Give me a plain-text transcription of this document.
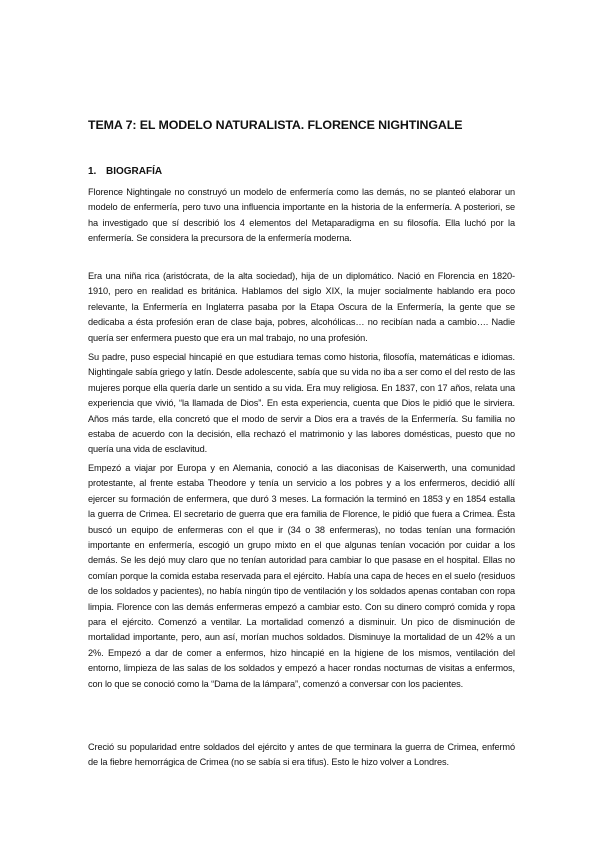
TEMA 7: EL MODELO NATURALISTA. FLORENCE NIGHTINGALE
1. BIOGRAFÍA

Florence Nightingale no construyó un modelo de enfermería como las demás, no se planteó elaborar un modelo de enfermería, pero tuvo una influencia importante en la historia de la enfermería. A posteriori, se ha investigado que sí describió los 4 elementos del Metaparadigma en su filosofía. Ella luchó por la enfermería. Se considera la precursora de la enfermería moderna.

Era una niña rica (aristócrata, de la alta sociedad), hija de un diplomático. Nació en Florencia en 1820-1910, pero en realidad es británica. Hablamos del siglo XIX, la mujer socialmente hablando era poco relevante, la Enfermería en Inglaterra pasaba por la Etapa Oscura de la Enfermería, la gente que se dedicaba a ésta profesión eran de clase baja, pobres, alcohólicas… no recibían nada a cambio…. Nadie quería ser enfermera puesto que era un mal trabajo, no una profesión.

Su padre, puso especial hincapié en que estudiara temas como historia, filosofía, matemáticas e idiomas. Nightingale sabía griego y latín. Desde adolescente, sabía que su vida no iba a ser como el del resto de las mujeres porque ella quería darle un sentido a su vida. Era muy religiosa. En 1837, con 17 años, relata una experiencia que vivió, “la llamada de Dios”. En esta experiencia, cuenta que Dios le pidió que le sirviera. Años más tarde, ella concretó que el modo de servir a Dios era a través de la Enfermería. Su familia no estaba de acuerdo con la decisión, ella rechazó el matrimonio y las labores domésticas, puesto que no quería una vida de esclavitud.

Empezó a viajar por Europa y en Alemania, conoció a las diaconisas de Kaiserwerth, una comunidad protestante, al frente estaba Theodore y tenía un servicio a los pobres y a los enfermeros, decidió allí ejercer su formación de enfermera, que duró 3 meses. La formación la terminó en 1853 y en 1854 estalla la guerra de Crimea. El secretario de guerra que era familia de Florence, le pidió que fuera a Crimea. Ésta buscó un equipo de enfermeras con el que ir (34 o 38 enfermeras), no todas tenían una formación importante en enfermería, escogió un grupo mixto en el que algunas tenían vocación por cuidar a los demás. Se les dejó muy claro que no tenían autoridad para cambiar lo que pasase en el hospital. Ellas no comían porque la comida estaba reservada para el ejército. Había una capa de heces en el suelo (residuos de los soldados y pacientes), no había ningún tipo de ventilación y los soldados apenas contaban con ropa limpia. Florence con las demás enfermeras empezó a cambiar esto. Con su dinero compró comida y ropa para el ejército. Comenzó a ventilar. La mortalidad comenzó a disminuir. Un pico de disminución de mortalidad importante, pero, aun así, morían muchos soldados. Disminuye la mortalidad de un 42% a un 2%. Empezó a dar de comer a enfermos, hizo hincapié en la higiene de los mismos, ventilación del entorno, limpieza de las salas de los soldados y empezó a hacer rondas nocturnas de visitas a enfermos, con lo que se conoció como la “Dama de la lámpara”, comenzó a conversar con los pacientes.

Creció su popularidad entre soldados del ejército y antes de que terminara la guerra de Crimea, enfermó de la fiebre hemorrágica de Crimea (no se sabía si era tifus). Esto le hizo volver a Londres.
